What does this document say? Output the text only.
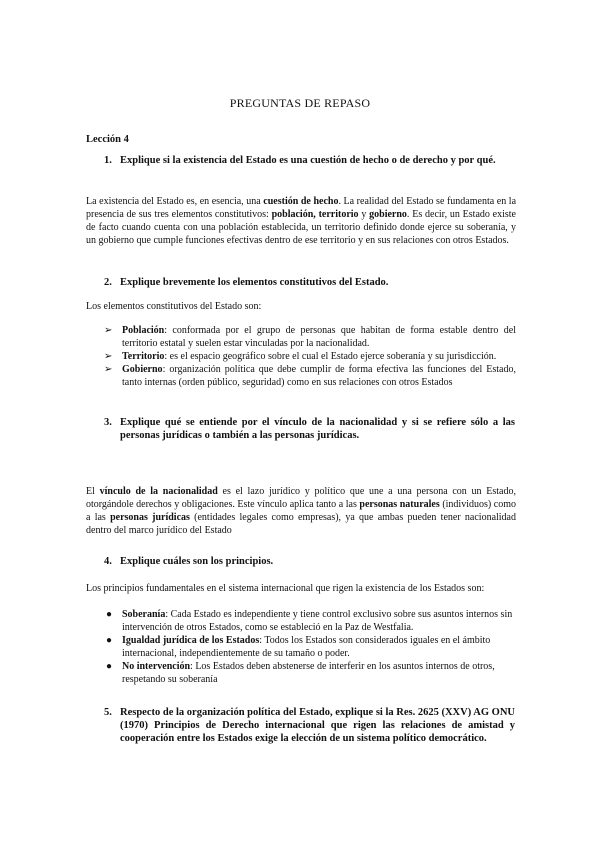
PREGUNTAS DE REPASO
Lección 4
1. Explique si la existencia del Estado es una cuestión de hecho o de derecho y por qué.
La existencia del Estado es, en esencia, una cuestión de hecho. La realidad del Estado se fundamenta en la presencia de sus tres elementos constitutivos: población, territorio y gobierno. Es decir, un Estado existe de facto cuando cuenta con una población establecida, un territorio definido donde ejerce su soberanía, y un gobierno que cumple funciones efectivas dentro de ese territorio y en sus relaciones con otros Estados.
2. Explique brevemente los elementos constitutivos del Estado.
Los elementos constitutivos del Estado son:
➢ Población: conformada por el grupo de personas que habitan de forma estable dentro del territorio estatal y suelen estar vinculadas por la nacionalidad.
➢ Territorio: es el espacio geográfico sobre el cual el Estado ejerce soberanía y su jurisdicción.
➢ Gobierno: organización política que debe cumplir de forma efectiva las funciones del Estado, tanto internas (orden público, seguridad) como en sus relaciones con otros Estados
3. Explique qué se entiende por el vínculo de la nacionalidad y si se refiere sólo a las personas jurídicas o también a las personas jurídicas.
El vínculo de la nacionalidad es el lazo jurídico y político que une a una persona con un Estado, otorgándole derechos y obligaciones. Este vínculo aplica tanto a las personas naturales (individuos) como a las personas jurídicas (entidades legales como empresas), ya que ambas pueden tener nacionalidad dentro del marco jurídico del Estado
4. Explique cuáles son los principios.
Los principios fundamentales en el sistema internacional que rigen la existencia de los Estados son:
● Soberanía: Cada Estado es independiente y tiene control exclusivo sobre sus asuntos internos sin intervención de otros Estados, como se estableció en la Paz de Westfalia.
● Igualdad jurídica de los Estados: Todos los Estados son considerados iguales en el ámbito internacional, independientemente de su tamaño o poder.
● No intervención: Los Estados deben abstenerse de interferir en los asuntos internos de otros, respetando su soberanía
5. Respecto de la organización política del Estado, explique si la Res. 2625 (XXV) AG ONU (1970) Principios de Derecho internacional que rigen las relaciones de amistad y cooperación entre los Estados exige la elección de un sistema político democrático.
